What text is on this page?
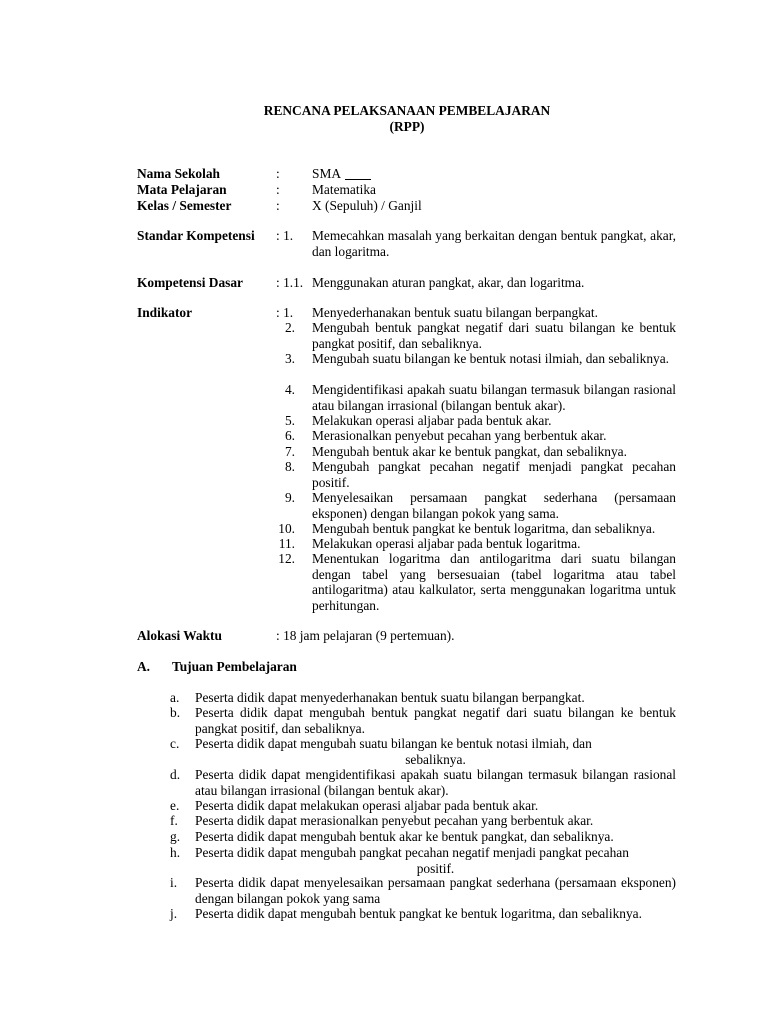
RENCANA PELAKSANAAN PEMBELAJARAN
(RPP)
Nama Sekolah	: SMA
Mata Pelajaran	: Matematika
Kelas / Semester	: X (Sepuluh) / Ganjil
Standar Kompetensi : 1. Memecahkan masalah yang berkaitan dengan bentuk pangkat, akar, dan logaritma.
Kompetensi Dasar : 1.1. Menggunakan aturan pangkat, akar, dan logaritma.
Indikator	: 1. Menyederhanakan bentuk suatu bilangan berpangkat.
2. Mengubah bentuk pangkat negatif dari suatu bilangan ke bentuk pangkat positif, dan sebaliknya.
3. Mengubah suatu bilangan ke bentuk notasi ilmiah, dan sebaliknya.
4. Mengidentifikasi apakah suatu bilangan termasuk bilangan rasional atau bilangan irrasional (bilangan bentuk akar).
5. Melakukan operasi aljabar pada bentuk akar.
6. Merasionalkan penyebut pecahan yang berbentuk akar.
7. Mengubah bentuk akar ke bentuk pangkat, dan sebaliknya.
8. Mengubah pangkat pecahan negatif menjadi pangkat pecahan positif.
9. Menyelesaikan persamaan pangkat sederhana (persamaan eksponen) dengan bilangan pokok yang sama.
10. Mengubah bentuk pangkat ke bentuk logaritma, dan sebaliknya.
11. Melakukan operasi aljabar pada bentuk logaritma.
12. Menentukan logaritma dan antilogaritma dari suatu bilangan dengan tabel yang bersesuaian (tabel logaritma atau tabel antilogaritma) atau kalkulator, serta menggunakan logaritma untuk perhitungan.
Alokasi Waktu	: 18 jam pelajaran (9 pertemuan).
A. Tujuan Pembelajaran
a.	Peserta didik dapat menyederhanakan bentuk suatu bilangan berpangkat.
b.	Peserta didik dapat mengubah bentuk pangkat negatif dari suatu bilangan ke bentuk pangkat positif, dan sebaliknya.
c.	Peserta didik dapat mengubah suatu bilangan ke bentuk notasi ilmiah, dan
sebaliknya.
d.	Peserta didik dapat mengidentifikasi apakah suatu bilangan termasuk bilangan rasional atau bilangan irrasional (bilangan bentuk akar).
e.	Peserta didik dapat melakukan operasi aljabar pada bentuk akar.
f.	Peserta didik dapat merasionalkan penyebut pecahan yang berbentuk akar.
g.	Peserta didik dapat mengubah bentuk akar ke bentuk pangkat, dan sebaliknya.
h.	Peserta didik dapat mengubah pangkat pecahan negatif menjadi pangkat pecahan
positif.
i.	Peserta didik dapat menyelesaikan persamaan pangkat sederhana (persamaan eksponen) dengan bilangan pokok yang sama
j.	Peserta didik dapat mengubah bentuk pangkat ke bentuk logaritma, dan sebaliknya.
